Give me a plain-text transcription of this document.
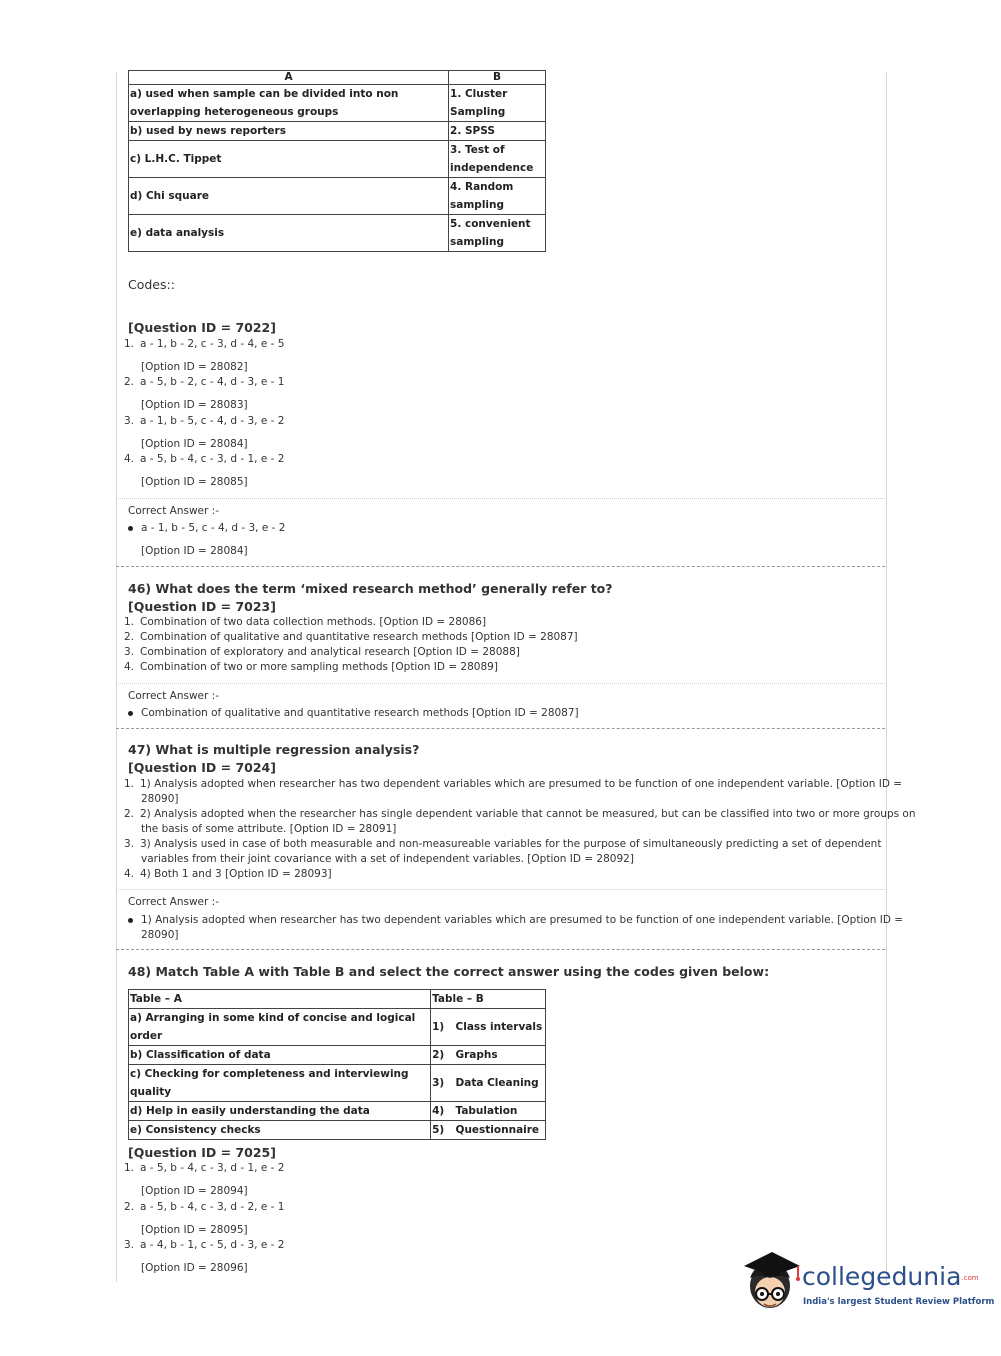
A	B
a) used when sample can be divided into non overlapping heterogeneous groups	1. Cluster Sampling
b) used by news reporters	2. SPSS
c) L.H.C. Tippet	3. Test of independence
d) Chi square	4. Random sampling
e) data analysis	5. convenient sampling
Codes::
[Question ID = 7022]
1. a - 1, b - 2, c - 3, d - 4, e - 5
[Option ID = 28082]
2. a - 5, b - 2, c - 4, d - 3, e - 1
[Option ID = 28083]
3. a - 1, b - 5, c - 4, d - 3, e - 2
[Option ID = 28084]
4. a - 5, b - 4, c - 3, d - 1, e - 2
[Option ID = 28085]
Correct Answer :-
a - 1, b - 5, c - 4, d - 3, e - 2
[Option ID = 28084]
46) What does the term ‘mixed research method’ generally refer to?
[Question ID = 7023]
1. Combination of two data collection methods. [Option ID = 28086]
2. Combination of qualitative and quantitative research methods [Option ID = 28087]
3. Combination of exploratory and analytical research [Option ID = 28088]
4. Combination of two or more sampling methods [Option ID = 28089]
Correct Answer :-
Combination of qualitative and quantitative research methods [Option ID = 28087]
47) What is multiple regression analysis?
[Question ID = 7024]
1. 1) Analysis adopted when researcher has two dependent variables which are presumed to be function of one independent variable. [Option ID =
28090]
2. 2) Analysis adopted when the researcher has single dependent variable that cannot be measured, but can be classified into two or more groups on
the basis of some attribute. [Option ID = 28091]
3. 3) Analysis used in case of both measurable and non-measureable variables for the purpose of simultaneously predicting a set of dependent
variables from their joint covariance with a set of independent variables. [Option ID = 28092]
4. 4) Both 1 and 3 [Option ID = 28093]
Correct Answer :-
1) Analysis adopted when researcher has two dependent variables which are presumed to be function of one independent variable. [Option ID =
28090]
48) Match Table A with Table B and select the correct answer using the codes given below:
Table – A	Table – B	
a) Arranging in some kind of concise and logical order	1)	Class intervals
b) Classification of data	2)	Graphs
c) Checking for completeness and interviewing quality	3)	Data Cleaning
d) Help in easily understanding the data	4)	Tabulation
e) Consistency checks	5)	Questionnaire
[Question ID = 7025]
1. a - 5, b - 4, c - 3, d - 1, e - 2
[Option ID = 28094]
2. a - 5, b - 4, c - 3, d - 2, e - 1
[Option ID = 28095]
3. a - 4, b - 1, c - 5, d - 3, e - 2
[Option ID = 28096]	collegedunia.com
India's largest Student Review Platform
